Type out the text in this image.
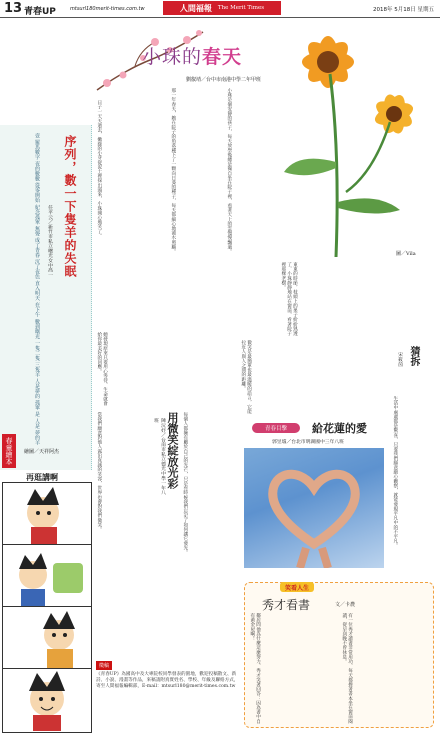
13 青春UP	mtsurl180merit-times.com.tw	人間福報 The Merit Times	2018年 5月18日 星期五
小珠的春天
劉叡靖／台中市南港中學二年甲班
圖／Vila
東東的時節，枝頭上的果子紛紛熟透了，小珠靜靜地站在窗前，看著院子裡那棵老樹。
小珠是個安靜的孩子，每天放學後總是獨自坐在院子裡，看著天上的雲慢慢飄過。
那一年春天，她在院子的角落種下了一顆向日葵的種子，每天都細心地澆水照顧。
日子一天天過去，嫩綠的小芽從泥土裡探出頭來，小珠開心地笑了。
她發現原來只要用心等待，生命就會給你最美好的回應。
序列，數一下隻羊的失眠
任平云／新竹市私立曙光女中高一
壹 羅馬數字 夜的數數 從零開始 紀念孤單 無聲 成了青春 沉了夜色 直入明天 在下午 數到曙光 一隻二隻 三隻羊 人是夢的 孤單 是 人是 夢的羊
春童繪本	繪圖／天祥阿杰
再逛講啊	當我們願意對他人露出真誠的笑容，世界也會對我們微笑。	每個人都擁有屬於自己的光芒，只是有時候我們忘記了如何讓它發光。
微笑是最簡單也最溫暖的語言，它能拉近人與人之間的距離。
用微笑綻放光彩
陳沅妤／台南市私立德光中學一年八班
猜拆
宋筱茵
生活中處處都是驚喜，只要我們願意細心觀察，就能發現平凡中的不平凡。
青春目擊	給花蓮的愛
郭昱璿／台北市明湖國中三年八班
有一位秀才讀書非常用功，每天都捧著書本坐在窗前閱讀，從早到晚不曾休息。
鄰居問他為什麼這麼努力，秀才笑著回答：因為書中自有黃金屋啊！
笑看人生
秀才看書	文／卡農
徵稿
《青春UP》為國高中及大專院校同學發表的園地，歡迎投稿散文、新詩、小說、漫畫等作品，來稿請附真實姓名、學校、年級及聯絡方式，寄至人間福報編輯部，E-mail：mtsurl180@merit-times.com.tw
